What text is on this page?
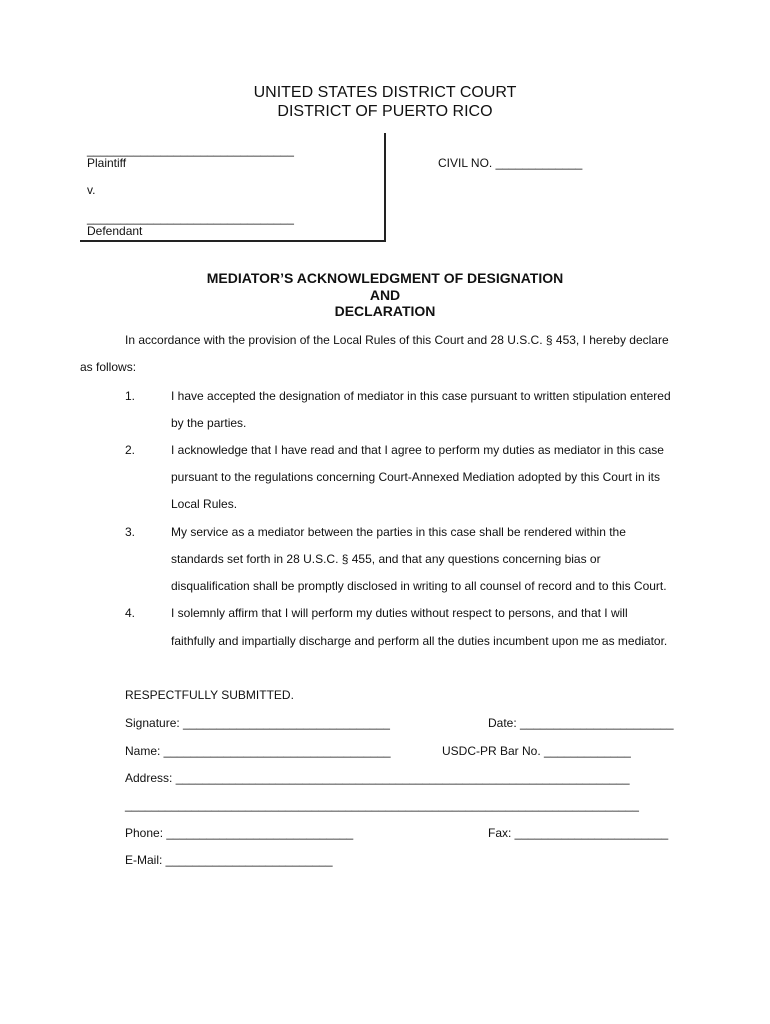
UNITED STATES DISTRICT COURT
DISTRICT OF PUERTO RICO
_______________________________
Plaintiff
v.
_______________________________
Defendant
CIVIL NO. _____________
MEDIATOR’S ACKNOWLEDGMENT OF DESIGNATION
AND
DECLARATION
In accordance with the provision of the Local Rules of this Court and 28 U.S.C. § 453, I hereby declare
as follows:
1.	I have accepted the designation of mediator in this case pursuant to written stipulation entered
by the parties.
2.	I acknowledge that I have read and that I agree to perform my duties as mediator in this case
pursuant to the regulations concerning Court-Annexed Mediation adopted by this Court in its
Local Rules.
3.	My service as a mediator between the parties in this case shall be rendered within the
standards set forth in 28 U.S.C. § 455, and that any questions concerning bias or
disqualification shall be promptly disclosed in writing to all counsel of record and to this Court.
4.	I solemnly affirm that I will perform my duties without respect to persons, and that I will
faithfully and impartially discharge and perform all the duties incumbent upon me as mediator.
RESPECTFULLY SUBMITTED.
Signature: _______________________________	Date: _______________________
Name: __________________________________	USDC-PR Bar No. _____________
Address: ____________________________________________________________________
_____________________________________________________________________________
Phone: ____________________________	Fax: _______________________
E-Mail: _________________________
